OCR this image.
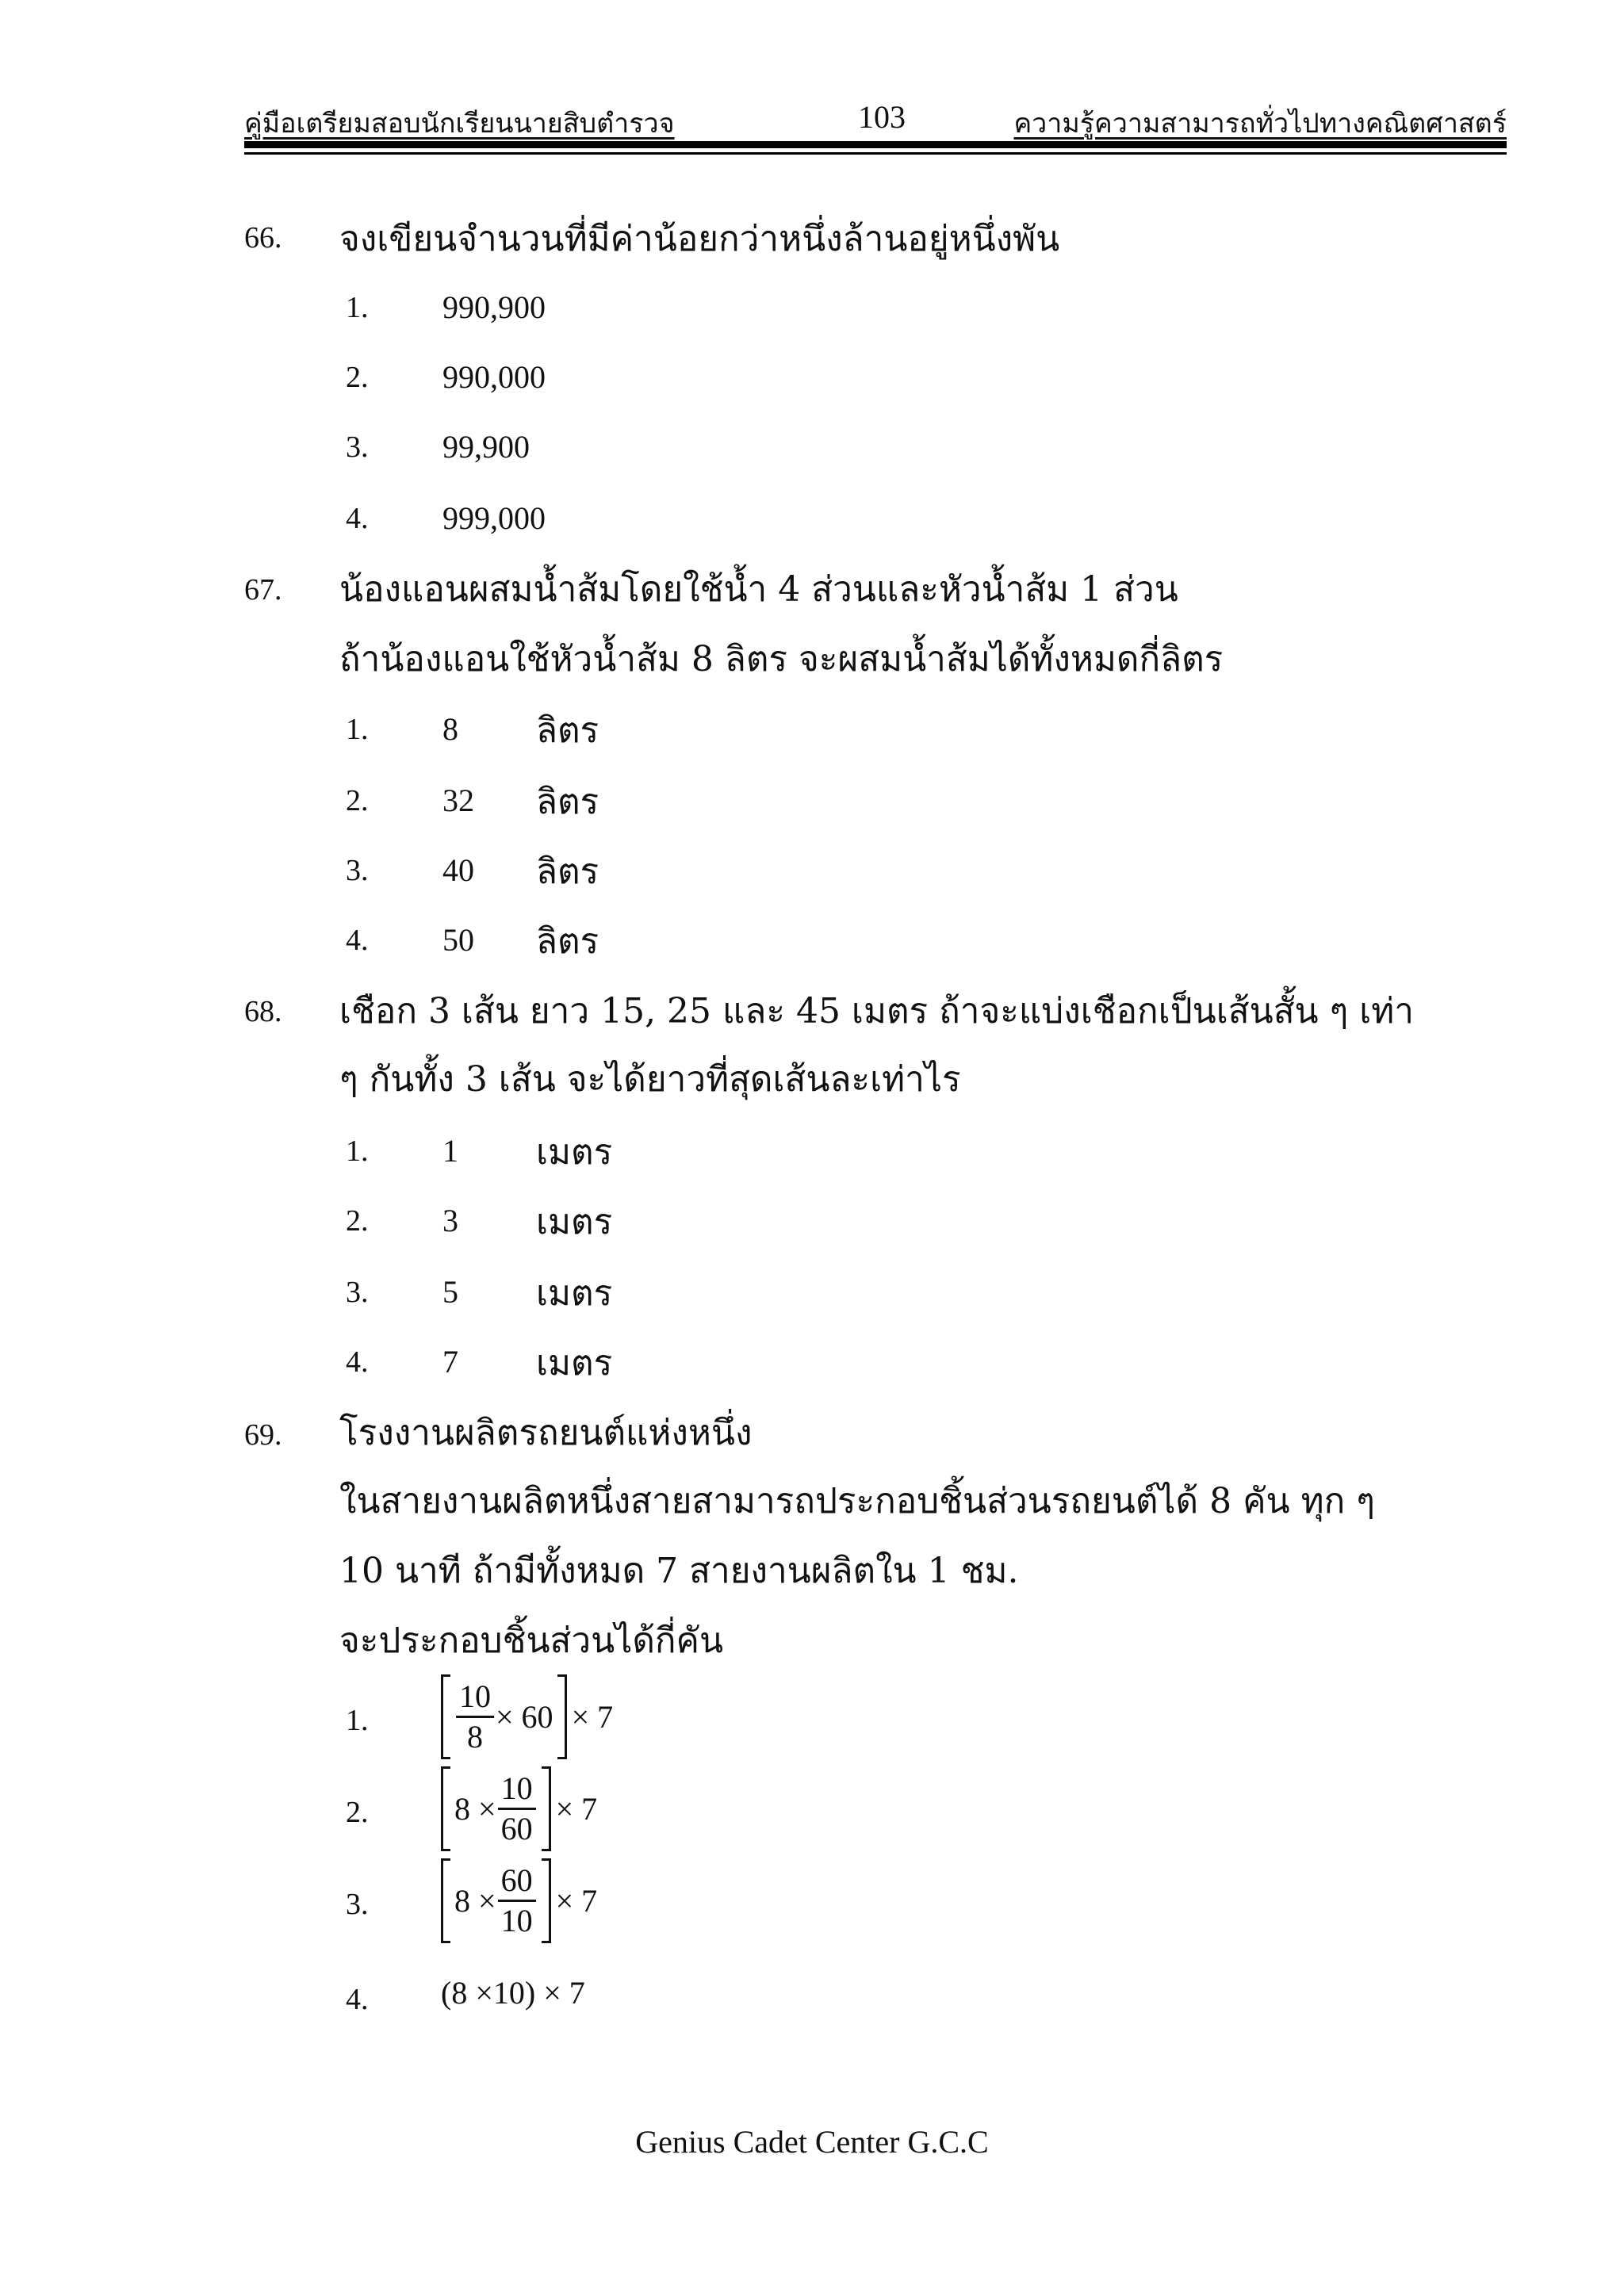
คู่มือเตรียมสอบนักเรียนนายสิบตำรวจ	103	ความรู้ความสามารถทั่วไปทางคณิตศาสตร์
66. จงเขียนจำนวนที่มีค่าน้อยกว่าหนึ่งล้านอยู่หนึ่งพัน
1. 990,900
2. 990,000
3. 99,900
4. 999,000
67. น้องแอนผสมน้ำส้มโดยใช้น้ำ 4 ส่วนและหัวน้ำส้ม 1 ส่วน
ถ้าน้องแอนใช้หัวน้ำส้ม 8 ลิตร จะผสมน้ำส้มได้ทั้งหมดกี่ลิตร
1. 8 ลิตร
2. 32 ลิตร
3. 40 ลิตร
4. 50 ลิตร
68. เชือก 3 เส้น ยาว 15, 25 และ 45 เมตร ถ้าจะแบ่งเชือกเป็นเส้นสั้น ๆ เท่า
ๆ กันทั้ง 3 เส้น จะได้ยาวที่สุดเส้นละเท่าไร
1. 1 เมตร
2. 3 เมตร
3. 5 เมตร
4. 7 เมตร
69. โรงงานผลิตรถยนต์แห่งหนึ่ง
ในสายงานผลิตหนึ่งสายสามารถประกอบชิ้นส่วนรถยนต์ได้ 8 คัน ทุก ๆ
10 นาที ถ้ามีทั้งหมด 7 สายงานผลิตใน 1 ชม.
จะประกอบชิ้นส่วนได้กี่คัน
1.	$\frac{10}{8} \times 60 \times 7$
2.	$8 \times \frac{10}{60} \times 7$
3.	$8 \times \frac{60}{10} \times 7$
4. (8 ×10) × 7
Genius Cadet Center G.C.C
